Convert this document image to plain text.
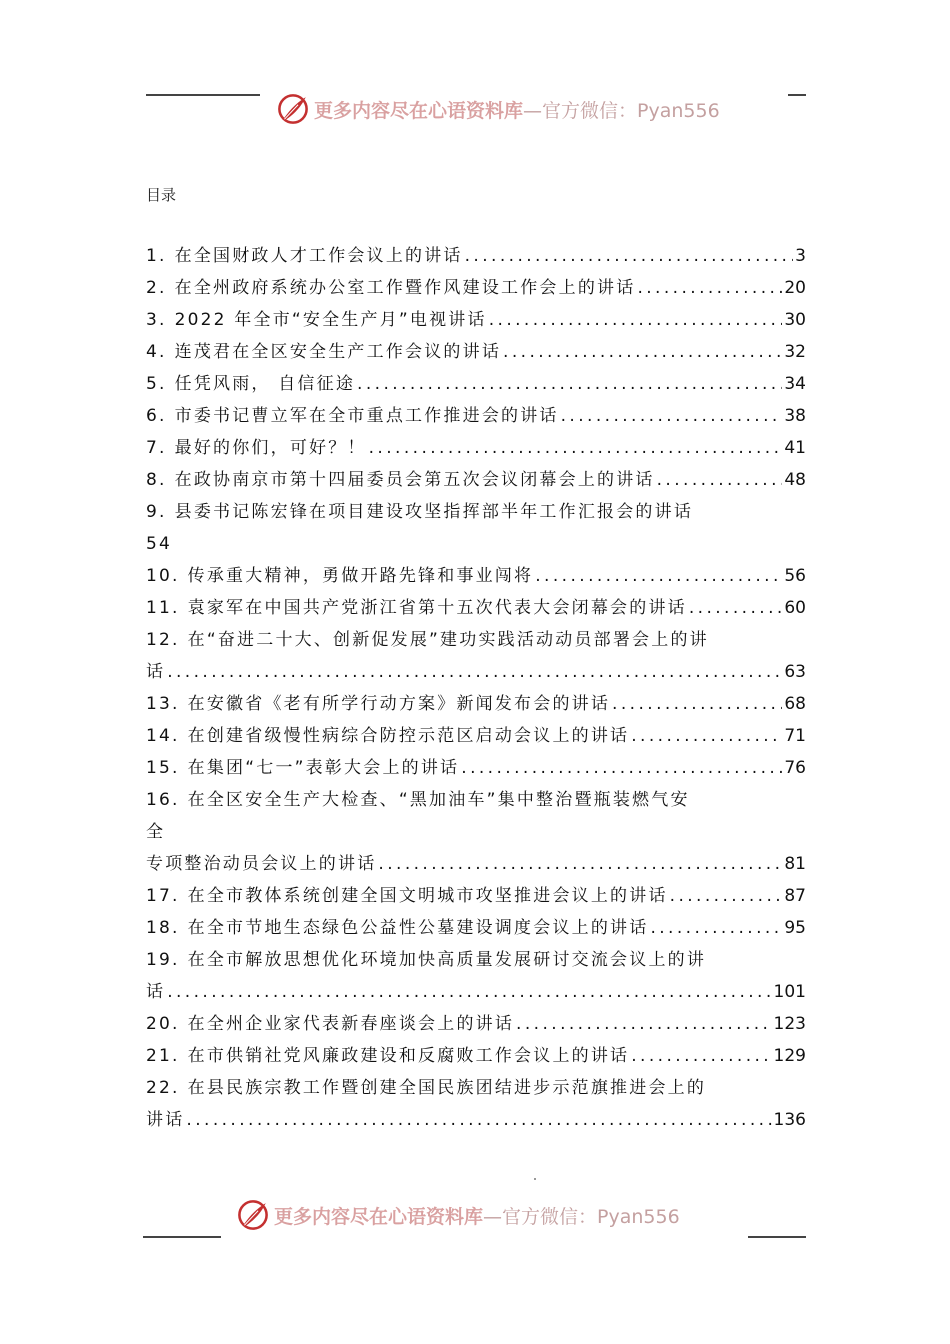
更多内容尽在心语资料库 —官方微信：Pyan556
目录
1. 在全国财政人才工作会议上的讲话 .....	3
2. 在全州政府系统办公室工作暨作风建设工作会上的讲话 .....	20
3. 2022 年全市“安全生产月”电视讲话 .....	30
4. 连茂君在全区安全生产工作会议的讲话 .....	32
5. 任凭风雨， 自信征途 .....	34
6. 市委书记曹立军在全市重点工作推进会的讲话 .....	38
7. 最好的你们，可好？！ .....	41
8. 在政协南京市第十四届委员会第五次会议闭幕会上的讲话 .....	48
9. 县委书记陈宏锋在项目建设攻坚指挥部半年工作汇报会的讲话
54
10. 传承重大精神，勇做开路先锋和事业闯将 .....	56
11. 袁家军在中国共产党浙江省第十五次代表大会闭幕会的讲话 .....	60
12. 在“奋进二十大、创新促发展”建功实践活动动员部署会上的讲
话 .....	63
13. 在安徽省《老有所学行动方案》新闻发布会的讲话 .....	68
14. 在创建省级慢性病综合防控示范区启动会议上的讲话 .....	71
15. 在集团“七一”表彰大会上的讲话 .....	76
16. 在全区安全生产大检查、“黑加油车”集中整治暨瓶装燃气安
全
专项整治动员会议上的讲话 .....	81
17. 在全市教体系统创建全国文明城市攻坚推进会议上的讲话 .....	87
18. 在全市节地生态绿色公益性公墓建设调度会议上的讲话 .....	95
19. 在全市解放思想优化环境加快高质量发展研讨交流会议上的讲
话 .....	101
20. 在全州企业家代表新春座谈会上的讲话 .....	123
21. 在市供销社党风廉政建设和反腐败工作会议上的讲话 .....	129
22. 在县民族宗教工作暨创建全国民族团结进步示范旗推进会上的
讲话 .....	136
更多内容尽在心语资料库 —官方微信：Pyan556
